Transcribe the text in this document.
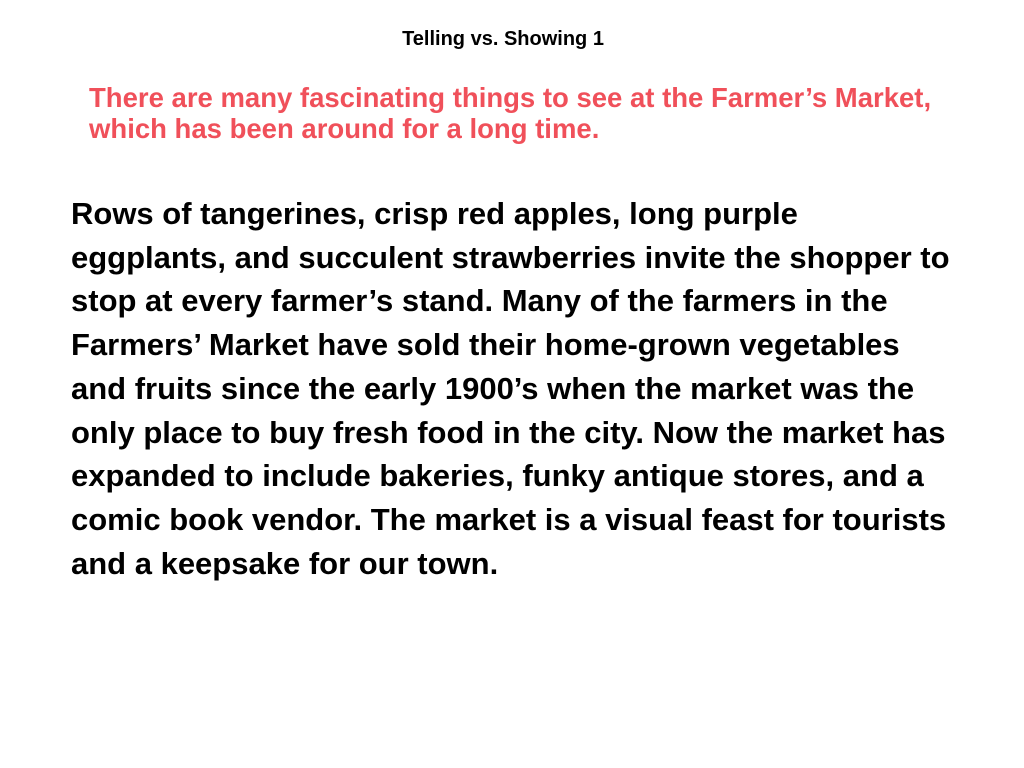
Telling vs. Showing 1

There are many fascinating things to see at the Farmer’s Market, which has been around for a long time.

Rows of tangerines, crisp red apples, long purple eggplants, and succulent strawberries invite the shopper to stop at every farmer’s stand. Many of the farmers in the Farmers’ Market have sold their home-grown vegetables and fruits since the early 1900’s when the market was the only place to buy fresh food in the city. Now the market has expanded to include bakeries, funky antique stores, and a comic book vendor. The market is a visual feast for tourists and a keepsake for our town.
